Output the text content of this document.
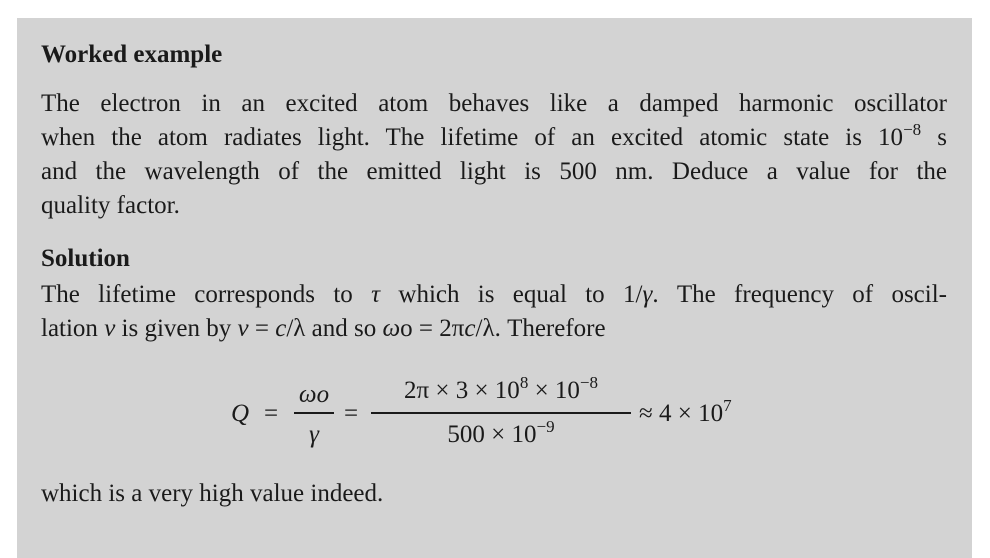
Worked example
The electron in an excited atom behaves like a damped harmonic oscillator
when the atom radiates light. The lifetime of an excited atomic state is $10^{-8}$ s
and the wavelength of the emitted light is 500 nm. Deduce a value for the
quality factor.
Solution
The lifetime corresponds to τ which is equal to 1/γ. The frequency of oscil-
lation ν is given by ν = c/λ and so ωo = 2πc/λ. Therefore
Q =
ωo
γ
=
$2\pi \times 3 \times 10^8 \times 10^{-8}$
$500 \times 10^{-9}$	≈ $4 \times 10^7$
which is a very high value indeed.
